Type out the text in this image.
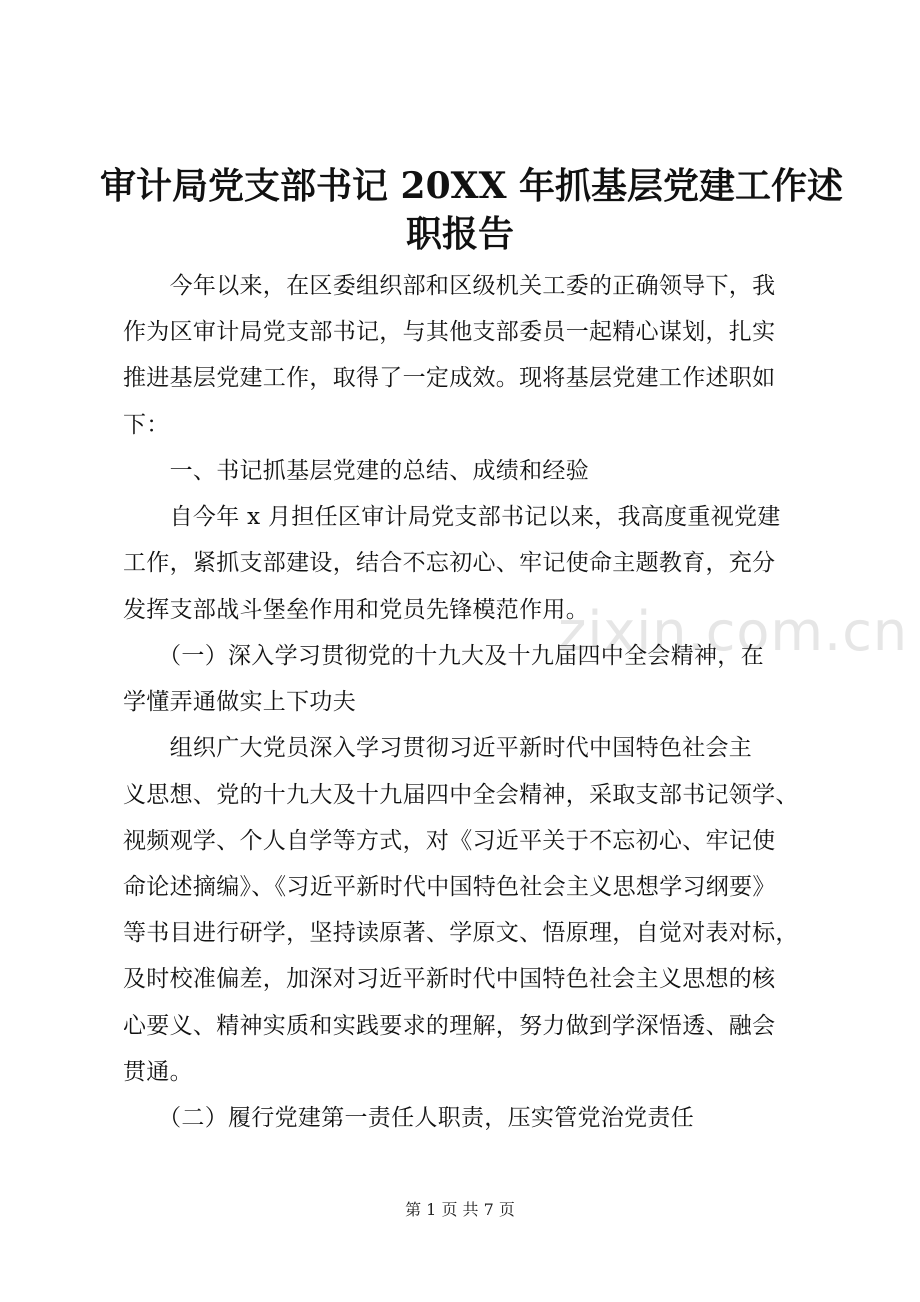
审计局党支部书记 20XX 年抓基层党建工作述
职报告
zixin.com.cn
　　今年以来，在区委组织部和区级机关工委的正确领导下，我
作为区审计局党支部书记，与其他支部委员一起精心谋划，扎实
推进基层党建工作，取得了一定成效。现将基层党建工作述职如
下：
　　一、书记抓基层党建的总结、成绩和经验
　　自今年 x 月担任区审计局党支部书记以来，我高度重视党建
工作，紧抓支部建设，结合不忘初心、牢记使命主题教育，充分
发挥支部战斗堡垒作用和党员先锋模范作用。
　　（一）深入学习贯彻党的十九大及十九届四中全会精神，在
学懂弄通做实上下功夫
　　组织广大党员深入学习贯彻习近平新时代中国特色社会主
义思想、党的十九大及十九届四中全会精神，采取支部书记领学、
视频观学、个人自学等方式，对《习近平关于不忘初心、牢记使
命论述摘编》、《习近平新时代中国特色社会主义思想学习纲要》
等书目进行研学，坚持读原著、学原文、悟原理，自觉对表对标，
及时校准偏差，加深对习近平新时代中国特色社会主义思想的核
心要义、精神实质和实践要求的理解，努力做到学深悟透、融会
贯通。
　　（二）履行党建第一责任人职责，压实管党治党责任
第 1 页 共 7 页
